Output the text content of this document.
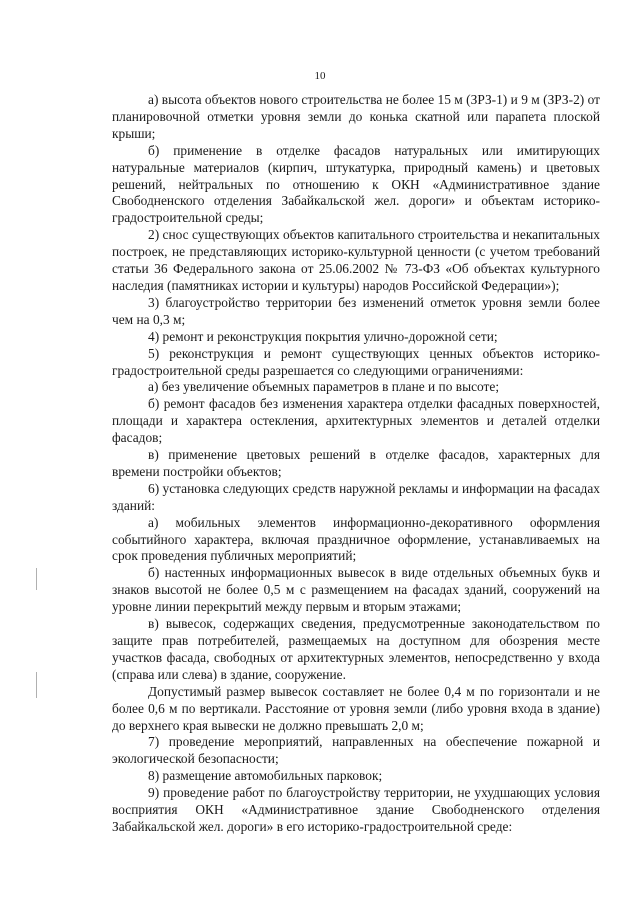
10

а) высота объектов нового строительства не более 15 м (ЗРЗ-1) и 9 м (ЗРЗ-2) от планировочной отметки уровня земли до конька скатной или парапета плоской крыши;

б) применение в отделке фасадов натуральных или имитирующих натуральные материалов (кирпич, штукатурка, природный камень) и цветовых решений, нейтральных по отношению к ОКН «Административное здание Свободненского отделения Забайкальской жел. дороги» и объектам историко-градостроительной среды;

2) снос существующих объектов капитального строительства и некапитальных построек, не представляющих историко-культурной ценности (с учетом требований статьи 36 Федерального закона от 25.06.2002 № 73-ФЗ «Об объектах культурного наследия (памятниках истории и культуры) народов Российской Федерации»);

3) благоустройство территории без изменений отметок уровня земли более чем на 0,3 м;

4) ремонт и реконструкция покрытия улично-дорожной сети;

5) реконструкция и ремонт существующих ценных объектов историко-градостроительной среды разрешается со следующими ограничениями:

а) без увеличение объемных параметров в плане и по высоте;

б) ремонт фасадов без изменения характера отделки фасадных поверхностей, площади и характера остекления, архитектурных элементов и деталей отделки фасадов;

в) применение цветовых решений в отделке фасадов, характерных для времени постройки объектов;

6) установка следующих средств наружной рекламы и информации на фасадах зданий:

а) мобильных элементов информационно-декоративного оформления событийного характера, включая праздничное оформление, устанавливаемых на срок проведения публичных мероприятий;

б) настенных информационных вывесок в виде отдельных объемных букв и знаков высотой не более 0,5 м с размещением на фасадах зданий, сооружений на уровне линии перекрытий между первым и вторым этажами;

в) вывесок, содержащих сведения, предусмотренные законодательством по защите прав потребителей, размещаемых на доступном для обозрения месте участков фасада, свободных от архитектурных элементов, непосредственно у входа (справа или слева) в здание, сооружение.

Допустимый размер вывесок составляет не более 0,4 м по горизонтали и не более 0,6 м по вертикали. Расстояние от уровня земли (либо уровня входа в здание) до верхнего края вывески не должно превышать 2,0 м;

7) проведение мероприятий, направленных на обеспечение пожарной и экологической безопасности;

8) размещение автомобильных парковок;

9) проведение работ по благоустройству территории, не ухудшающих условия восприятия ОКН «Административное здание Свободненского отделения Забайкальской жел. дороги» в его историко-градостроительной среде:
